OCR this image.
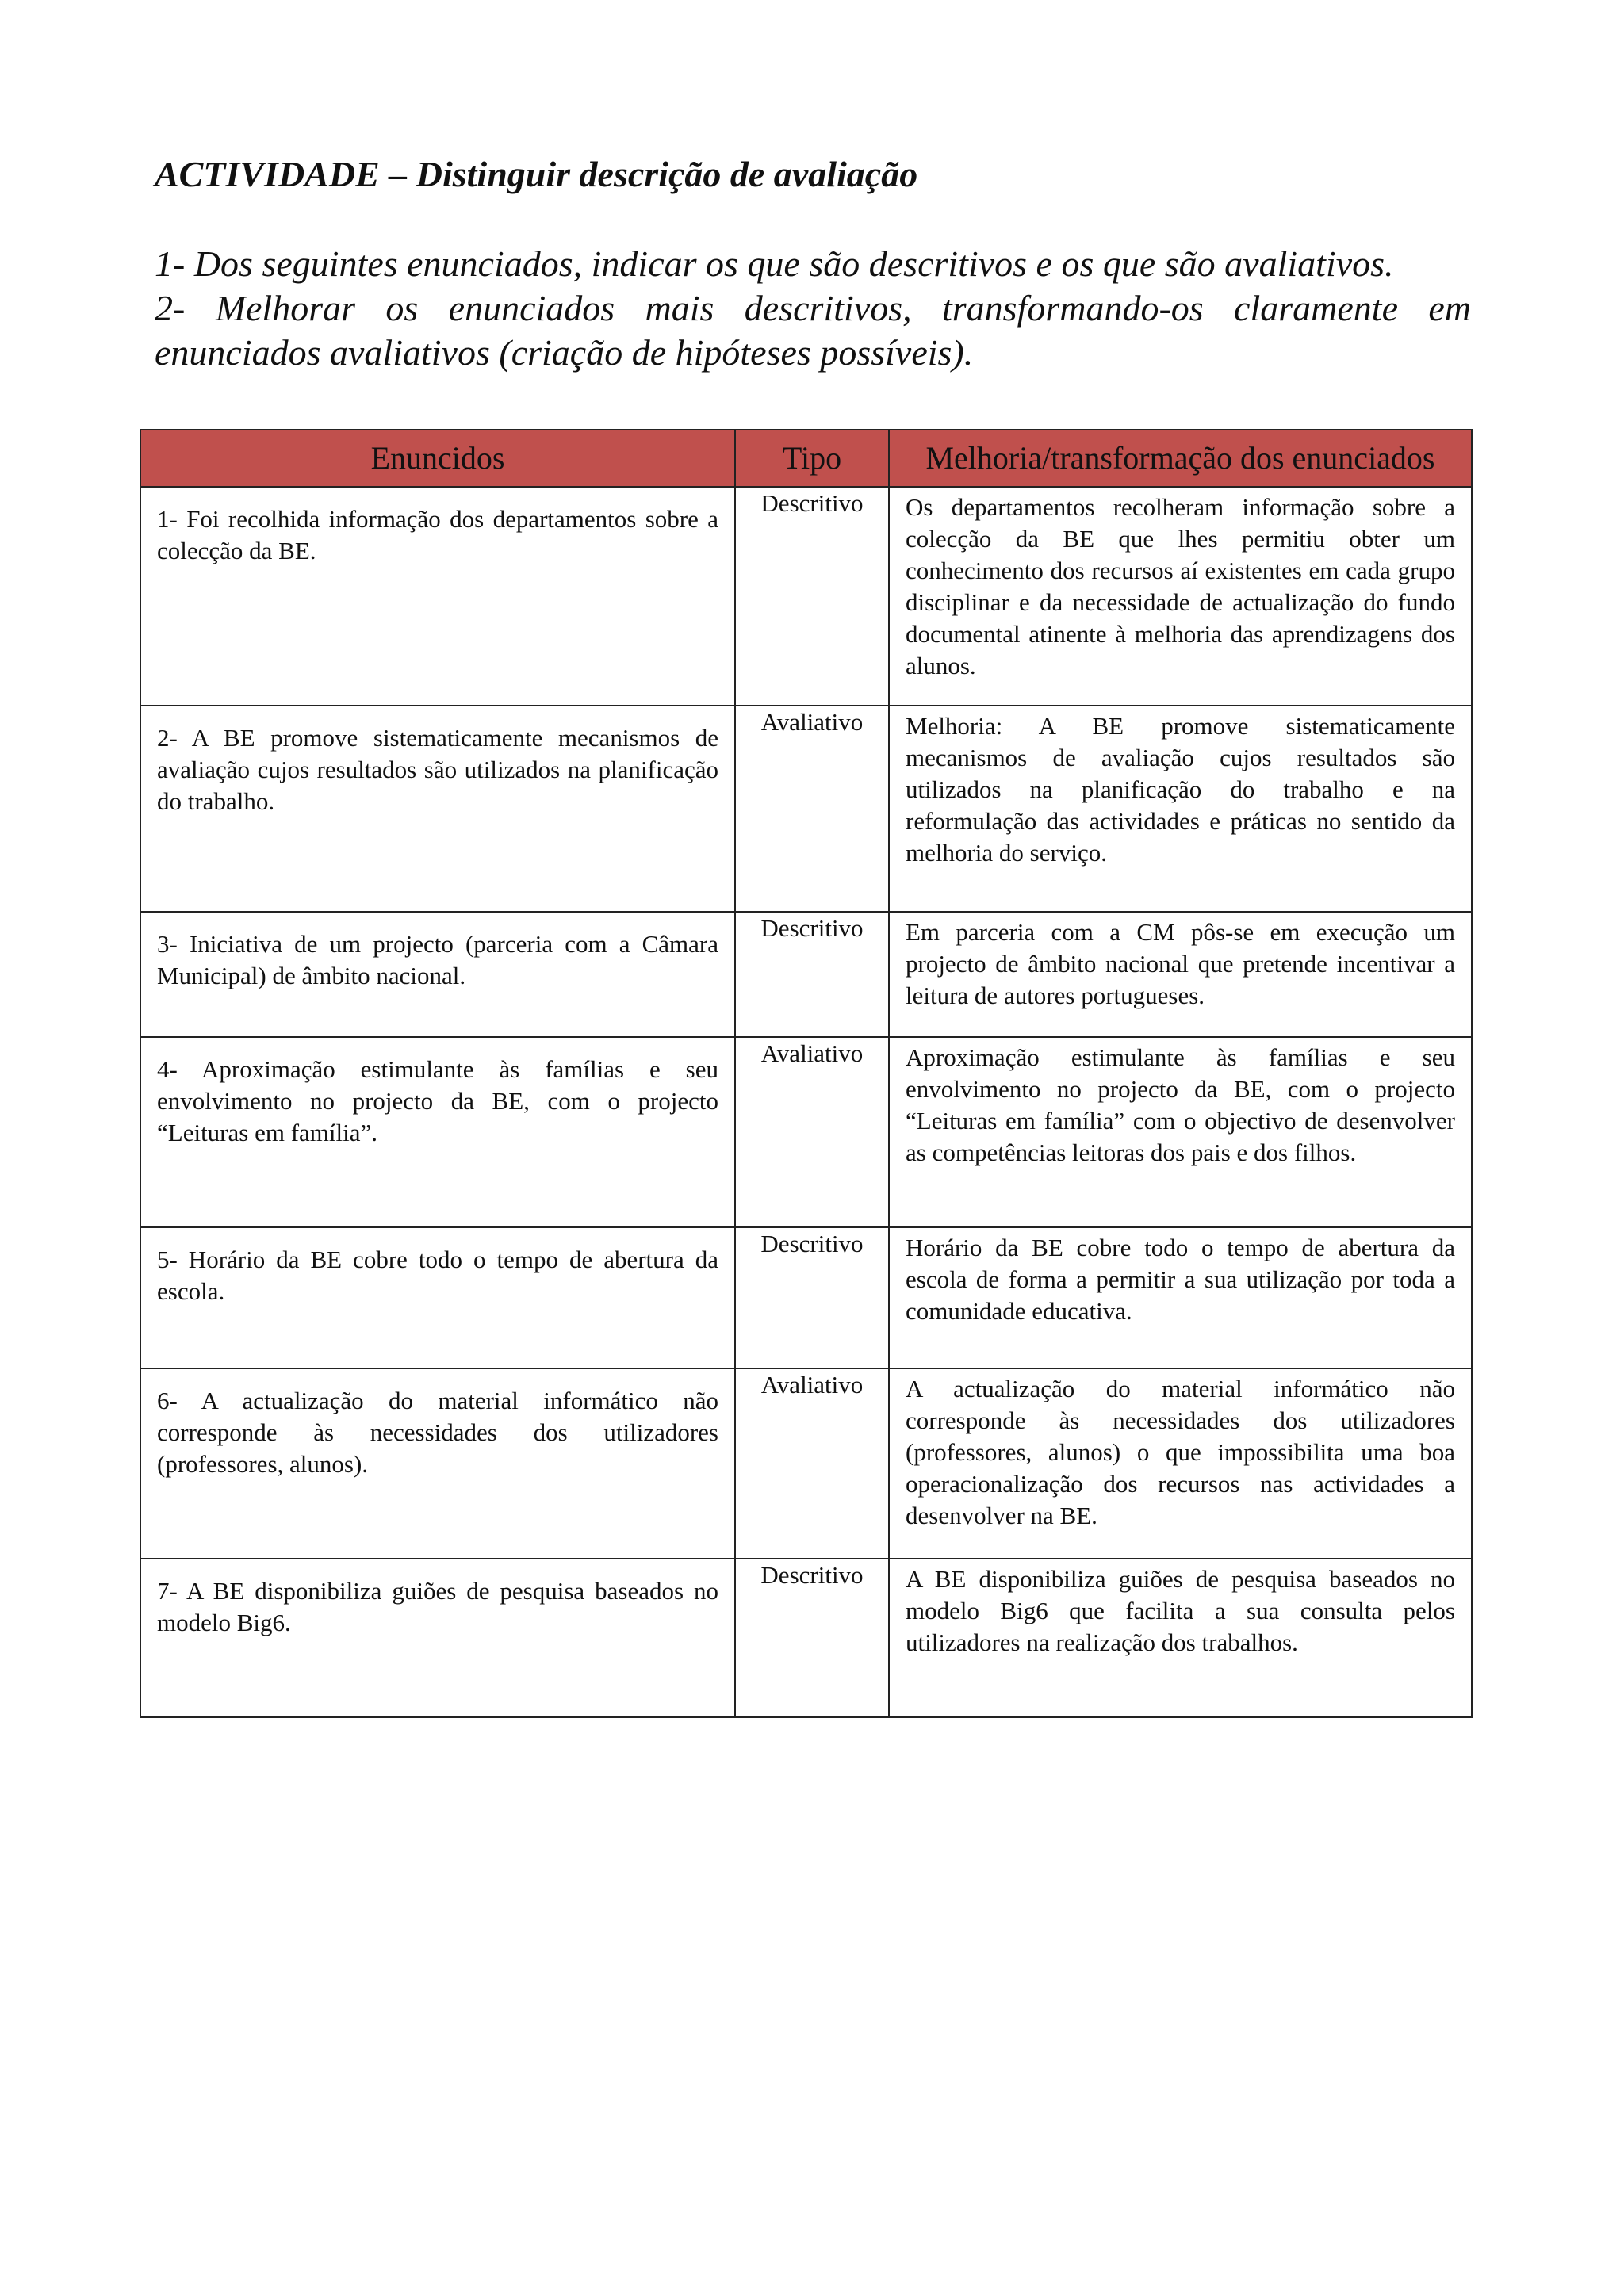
ACTIVIDADE – Distinguir descrição de avaliação

1- Dos seguintes enunciados, indicar os que são descritivos e os que são avaliativos.

2- Melhorar os enunciados mais descritivos, transformando-os claramente em enunciados avaliativos (criação de hipóteses possíveis).

Enuncidos	Tipo	Melhoria/transformação dos enunciados

1- Foi recolhida informação dos departamentos sobre a colecção da BE.	Descritivo	Os departamentos recolheram informação sobre a colecção da BE que lhes permitiu obter um conhecimento dos recursos aí existentes em cada grupo disciplinar e da necessidade de actualização do fundo documental atinente à melhoria das aprendizagens dos alunos.

2- A BE promove sistematicamente mecanismos de avaliação cujos resultados são utilizados na planificação do trabalho.	Avaliativo	Melhoria: A BE promove sistematicamente mecanismos de avaliação cujos resultados são utilizados na planificação do trabalho e na reformulação das actividades e práticas no sentido da melhoria do serviço.

3- Iniciativa de um projecto (parceria com a Câmara Municipal) de âmbito nacional.	Descritivo	Em parceria com a CM pôs-se em execução um projecto de âmbito nacional que pretende incentivar a leitura de autores portugueses.

4- Aproximação estimulante às famílias e seu envolvimento no projecto da BE, com o projecto “Leituras em família”.	Avaliativo	Aproximação estimulante às famílias e seu envolvimento no projecto da BE, com o projecto “Leituras em família” com o objectivo de desenvolver as competências leitoras dos pais e dos filhos.

5- Horário da BE cobre todo o tempo de abertura da escola.	Descritivo	Horário da BE cobre todo o tempo de abertura da escola de forma a permitir a sua utilização por toda a comunidade educativa.

6- A actualização do material informático não corresponde às necessidades dos utilizadores (professores, alunos).	Avaliativo	A actualização do material informático não corresponde às necessidades dos utilizadores (professores, alunos) o que impossibilita uma boa operacionalização dos recursos nas actividades a desenvolver na BE.

7- A BE disponibiliza guiões de pesquisa baseados no modelo Big6.	Descritivo	A BE disponibiliza guiões de pesquisa baseados no modelo Big6 que facilita a sua consulta pelos utilizadores na realização dos trabalhos.
